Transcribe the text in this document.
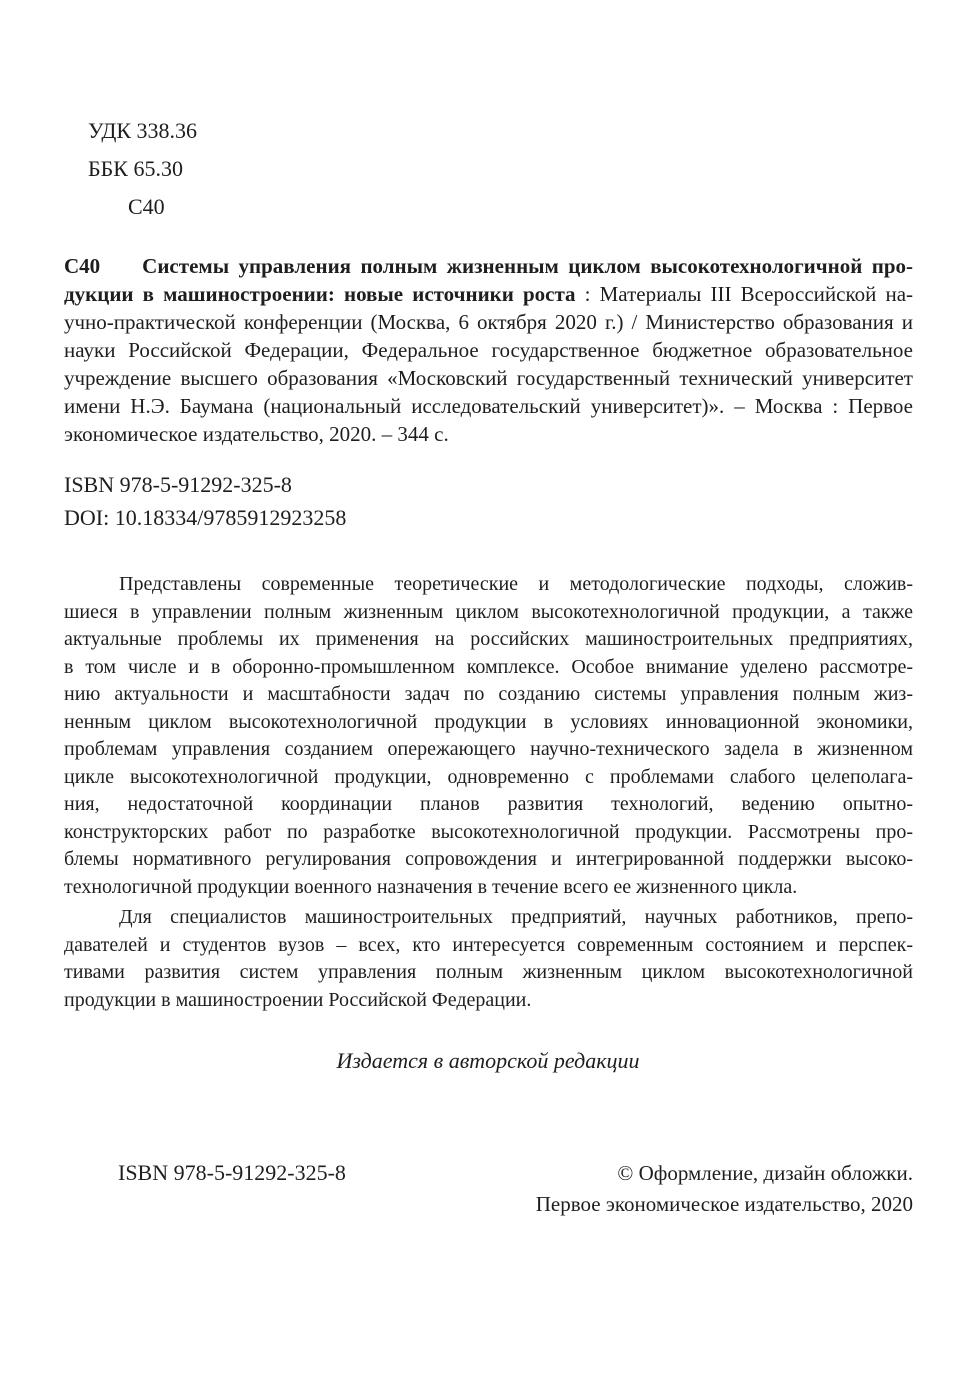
УДК 338.36
ББК 65.30
С40
С40 Системы управления полным жизненным циклом высокотехнологичной про-
дукции в машиностроении: новые источники роста : Материалы III Всероссийской на-
учно-практической конференции (Москва, 6 октября 2020 г.) / Министерство образования и
науки Российской Федерации, Федеральное государственное бюджетное образовательное
учреждение высшего образования «Московский государственный технический университет
имени Н.Э. Баумана (национальный исследовательский университет)». – Москва : Первое
экономическое издательство, 2020. – 344 с.
ISBN 978-5-91292-325-8
DOI: 10.18334/9785912923258
Представлены современные теоретические и методологические подходы, сложив-
шиеся в управлении полным жизненным циклом высокотехнологичной продукции, а также
актуальные проблемы их применения на российских машиностроительных предприятиях,
в том числе и в оборонно-промышленном комплексе. Особое внимание уделено рассмотре-
нию актуальности и масштабности задач по созданию системы управления полным жиз-
ненным циклом высокотехнологичной продукции в условиях инновационной экономики,
проблемам управления созданием опережающего научно-технического задела в жизненном
цикле высокотехнологичной продукции, одновременно с проблемами слабого целеполага-
ния, недостаточной координации планов развития технологий, ведению опытно-
конструкторских работ по разработке высокотехнологичной продукции. Рассмотрены про-
блемы нормативного регулирования сопровождения и интегрированной поддержки высоко-
технологичной продукции военного назначения в течение всего ее жизненного цикла.
Для специалистов машиностроительных предприятий, научных работников, препо-
давателей и студентов вузов – всех, кто интересуется современным состоянием и перспек-
тивами развития систем управления полным жизненным циклом высокотехнологичной
продукции в машиностроении Российской Федерации.
Издается в авторской редакции
ISBN 978-5-91292-325-8	© Оформление, дизайн обложки.
Первое экономическое издательство, 2020
